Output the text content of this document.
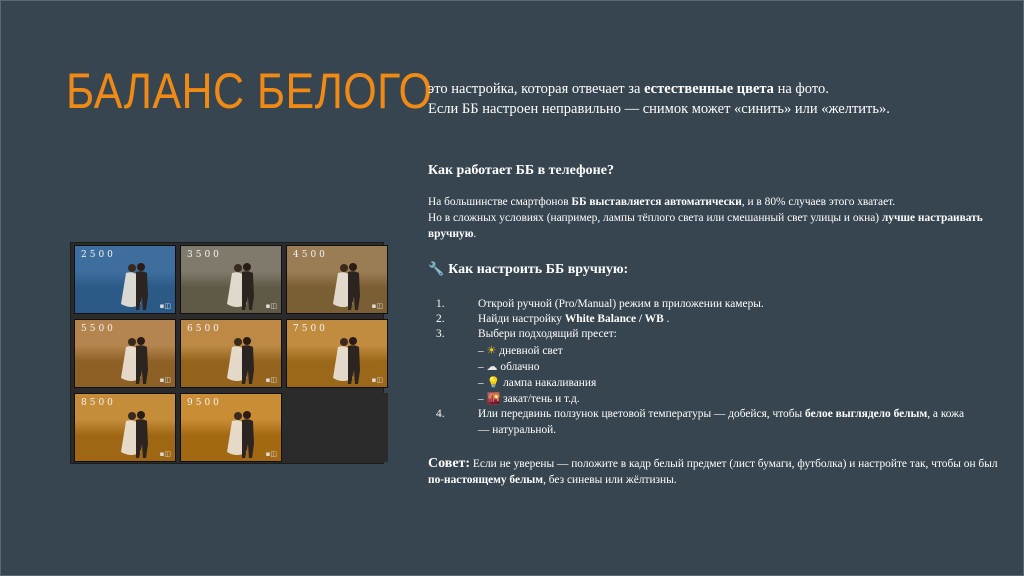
БАЛАНС БЕЛОГО
это настройка, которая отвечает за естественные цвета на фото.
Если ББ настроен неправильно — снимок может «синить» или «желтить».
Как работает ББ в телефоне?
На большинстве смартфонов ББ выставляется автоматически, и в 80% случаев этого хватает.
Но в сложных условиях (например, лампы тёплого света или смешанный свет улицы и окна) лучше настраивать вручную.
🔧 Как настроить ББ вручную:
1.	Открой ручной (Pro/Manual) режим в приложении камеры.
2.	Найди настройку White Balance / WB .
3.	Выбери подходящий пресет:
– ☀ дневной свет
– ☁ облачно
– 💡 лампа накаливания
– 🌇 закат/тень и т.д.
4.	Или передвинь ползунок цветовой температуры — добейся, чтобы белое выглядело белым, а кожа — натуральной.
Совет: Если не уверены — положите в кадр белый предмет (лист бумаги, футболка) и настройте так, чтобы он был по-настоящему белым, без синевы или жёлтизны.
2500
▪◫
3500
▪◫
4500
▪◫
5500
▪◫
6500
▪◫
7500
▪◫
8500
▪◫
9500
▪◫
